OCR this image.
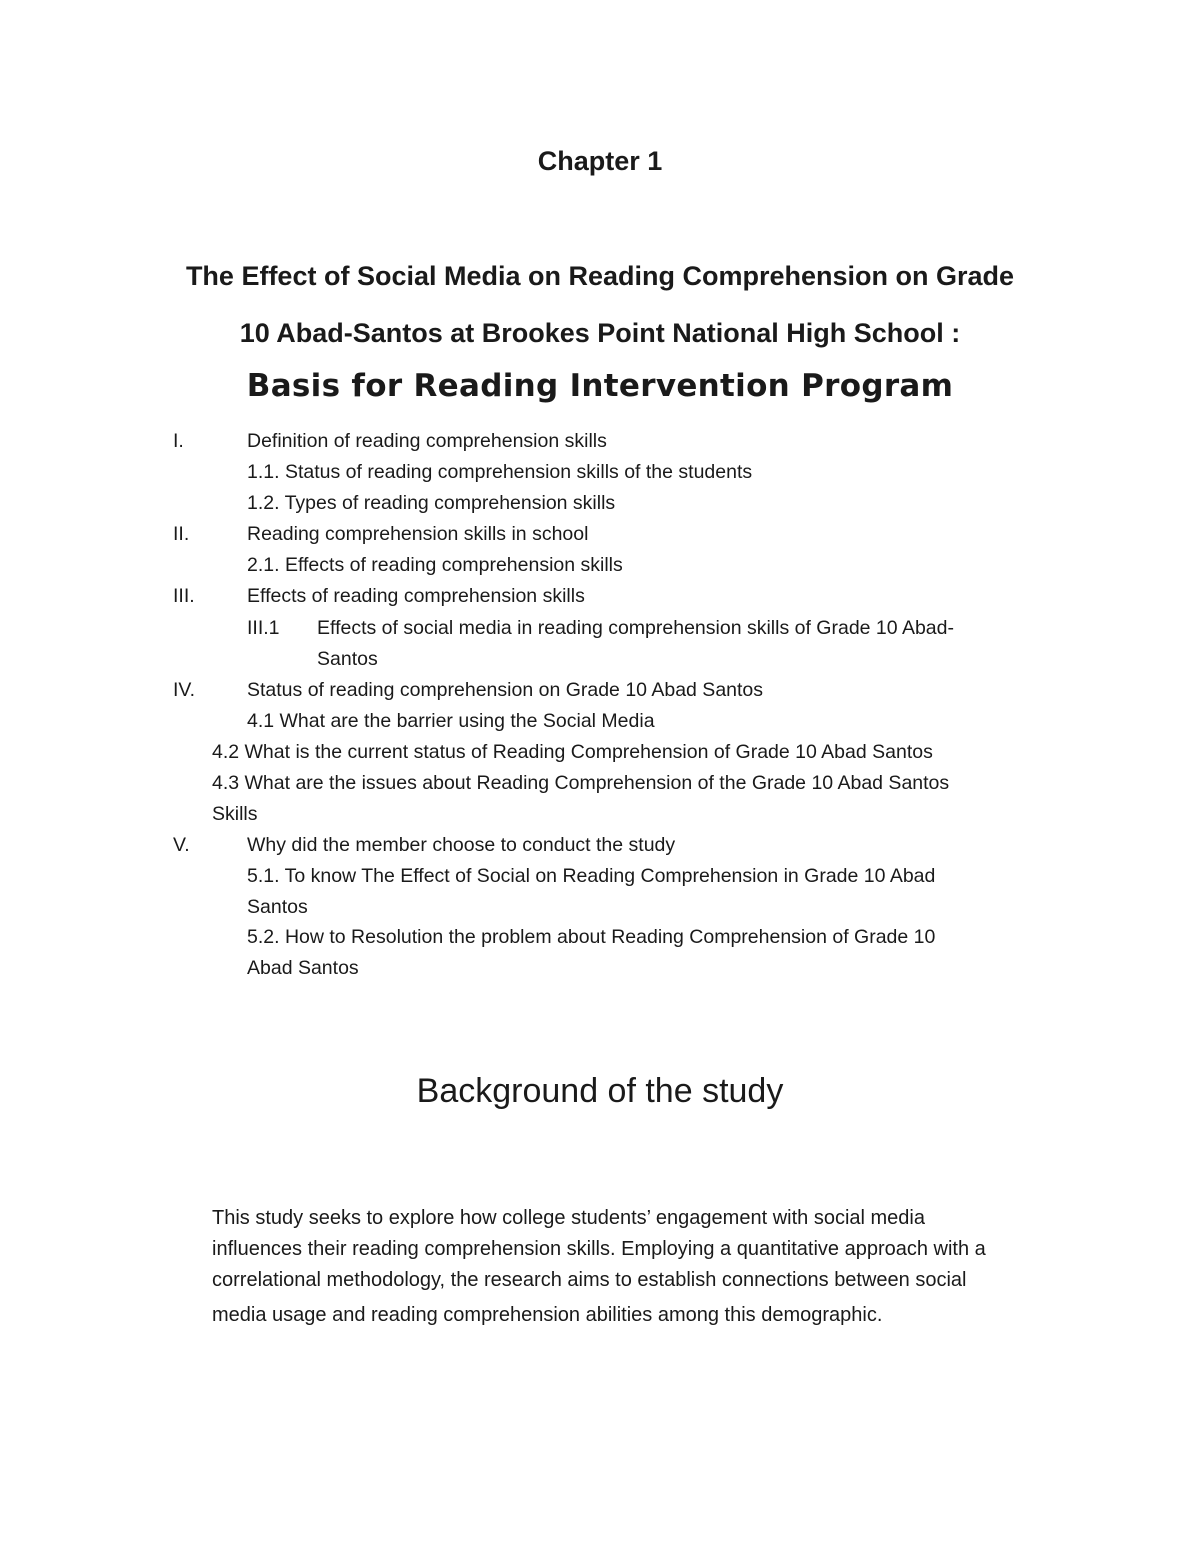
Chapter 1
The Effect of Social Media on Reading Comprehension on Grade
10 Abad-Santos at Brookes Point National High School :
Basis for Reading Intervention Program
I.	Definition of reading comprehension skills
1.1. Status of reading comprehension skills of the students
1.2. Types of reading comprehension skills
II.	Reading comprehension skills in school
2.1. Effects of reading comprehension skills
III.	Effects of reading comprehension skills
III.1 Effects of social media in reading comprehension skills of Grade 10 Abad-
Santos
IV.	Status of reading comprehension on Grade 10 Abad Santos
4.1 What are the barrier using the Social Media
4.2 What is the current status of Reading Comprehension of Grade 10 Abad Santos
4.3 What are the issues about Reading Comprehension of the Grade 10 Abad Santos
Skills
V.	Why did the member choose to conduct the study
5.1. To know The Effect of Social on Reading Comprehension in Grade 10 Abad
Santos
5.2. How to Resolution the problem about Reading Comprehension of Grade 10
Abad Santos
Background of the study
This study seeks to explore how college students’ engagement with social media
influences their reading comprehension skills. Employing a quantitative approach with a
correlational methodology, the research aims to establish connections between social
media usage and reading comprehension abilities among this demographic.
